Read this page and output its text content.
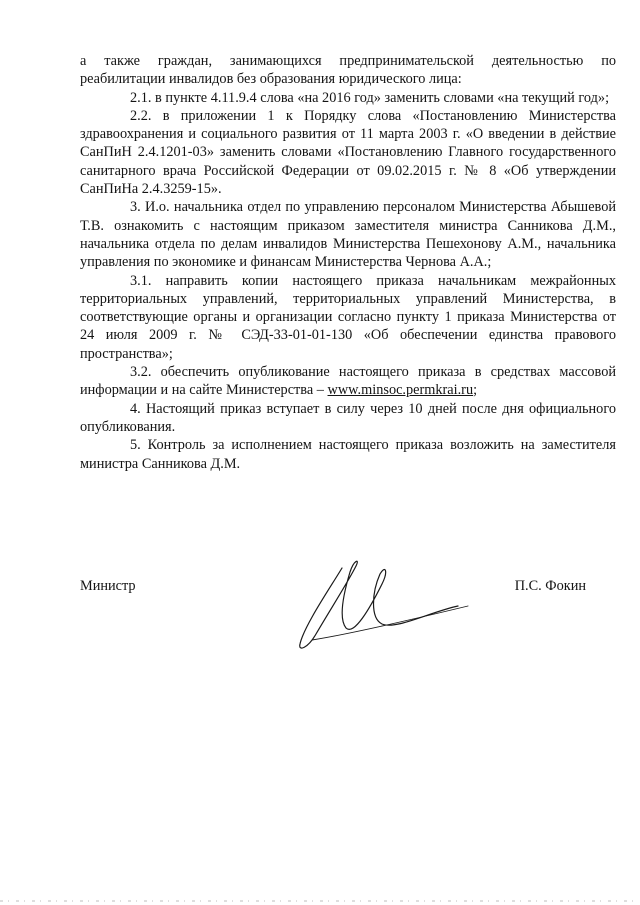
а также граждан, занимающихся предпринимательской деятельностью по реабилитации инвалидов без образования юридического лица:

2.1. в пункте 4.11.9.4 слова «на 2016 год» заменить словами «на текущий год»;

2.2. в приложении 1 к Порядку слова «Постановлению Министерства здравоохранения и социального развития от 11 марта 2003 г. «О введении в действие СанПиН 2.4.1201-03» заменить словами «Постановлению Главного государственного санитарного врача Российской Федерации от 09.02.2015 г. № 8 «Об утверждении СанПиНа 2.4.3259-15».

3. И.о. начальника отдел по управлению персоналом Министерства Абышевой Т.В. ознакомить с настоящим приказом заместителя министра Санникова Д.М., начальника отдела по делам инвалидов Министерства Пешехонову А.М., начальника управления по экономике и финансам Министерства Чернова А.А.;

3.1. направить копии настоящего приказа начальникам межрайонных территориальных управлений, территориальных управлений Министерства, в соответствующие органы и организации согласно пункту 1 приказа Министерства от 24 июля 2009 г. № СЭД-33-01-01-130 «Об обеспечении единства правового пространства»;

3.2. обеспечить опубликование настоящего приказа в средствах массовой информации и на сайте Министерства – www.minsoc.permkrai.ru;

4. Настоящий приказ вступает в силу через 10 дней после дня официального опубликования.

5. Контроль за исполнением настоящего приказа возложить на заместителя министра Санникова Д.М.

Министр	П.С. Фокин
